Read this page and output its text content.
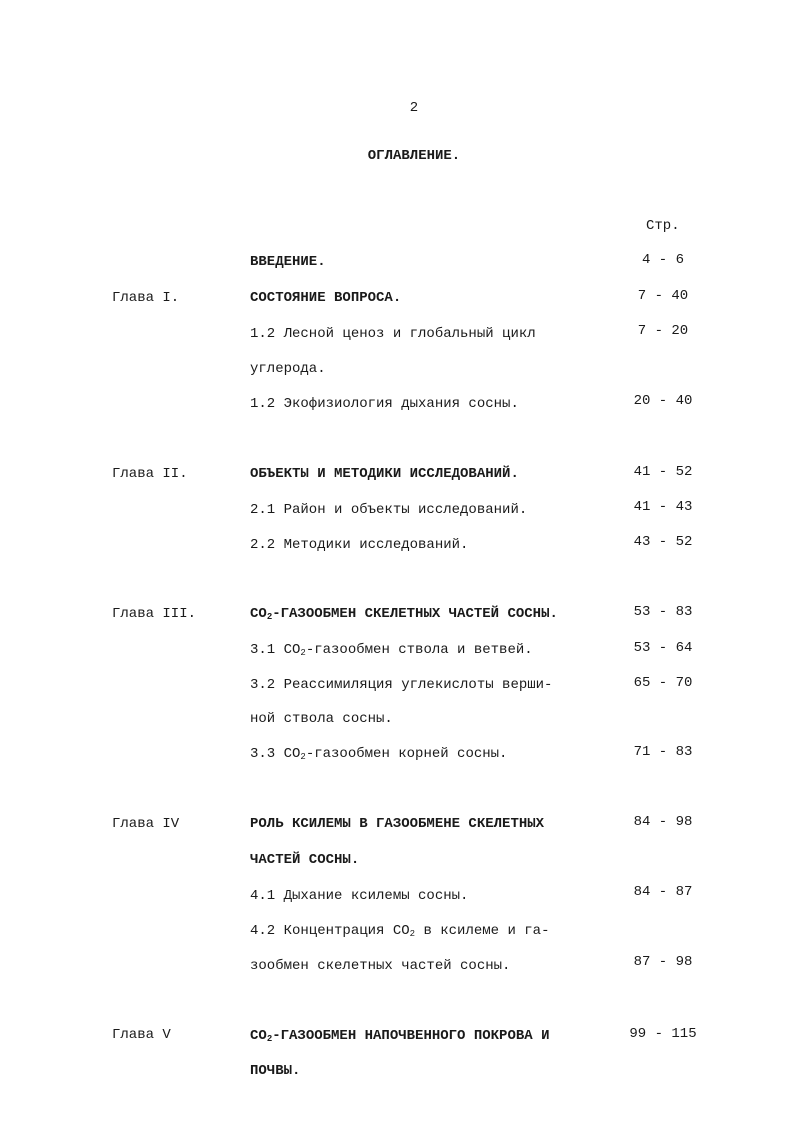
2
ОГЛАВЛЕНИЕ.
Стр.
ВВЕДЕНИЕ.	4 - 6
Глава I.	СОСТОЯНИЕ ВОПРОСА.	7 - 40
1.2 Лесной ценоз и глобальный цикл	7 - 20
углерода.
1.2 Экофизиология дыхания сосны.	20 - 40
Глава II.	ОБЪЕКТЫ И МЕТОДИКИ ИССЛЕДОВАНИЙ.	41 - 52
2.1 Район и объекты исследований.	41 - 43
2.2 Методики исследований.	43 - 52
Глава III.	$СО_2$-ГАЗООБМЕН СКЕЛЕТНЫХ ЧАСТЕЙ СОСНЫ.	53 - 83
3.1 $СО_2$-газообмен ствола и ветвей.	53 - 64
3.2 Реассимиляция углекислоты верши-	65 - 70
ной ствола сосны.
3.3 $СО_2$-газообмен корней сосны.	71 - 83
Глава IV	РОЛЬ КСИЛЕМЫ В ГАЗООБМЕНЕ СКЕЛЕТНЫХ	84 - 98
ЧАСТЕЙ СОСНЫ.
4.1 Дыхание ксилемы сосны.	84 - 87
4.2 Концентрация $СО_2$ в ксилеме и га-
зообмен скелетных частей сосны.	87 - 98
Глава V	$СО_2$-ГАЗООБМЕН НАПОЧВЕННОГО ПОКРОВА И	99 - 115
ПОЧВЫ.
